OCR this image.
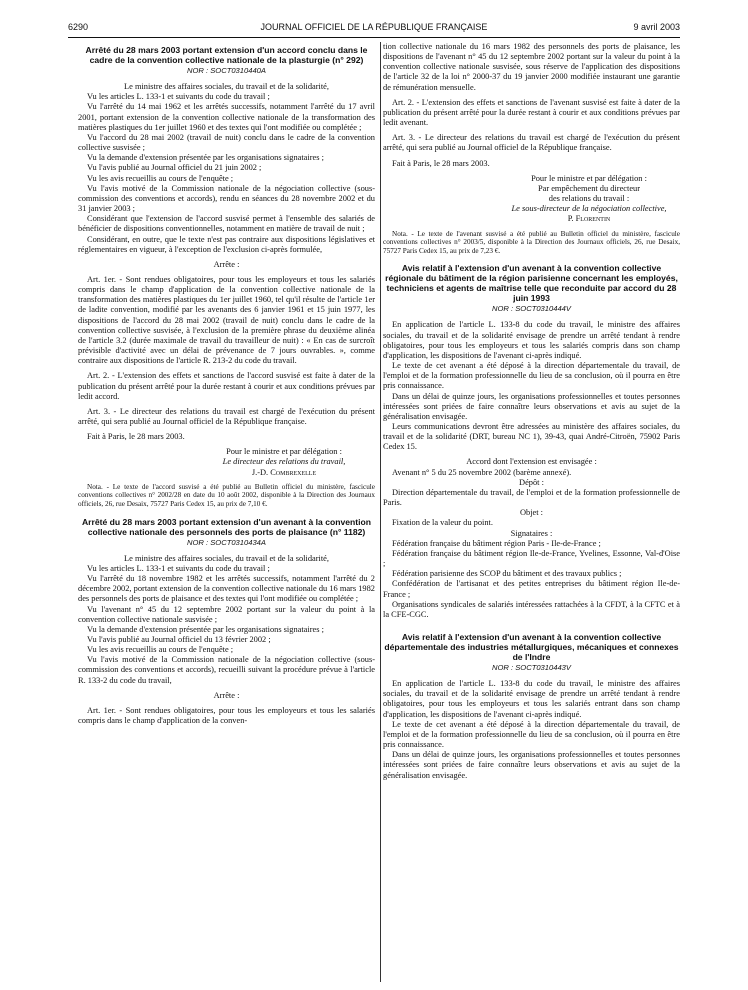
6290	JOURNAL OFFICIEL DE LA RÉPUBLIQUE FRANÇAISE	9 avril 2003
Arrêté du 28 mars 2003 portant extension d'un accord conclu dans le cadre de la convention collective nationale de la plasturgie (n° 292)
NOR : SOCT0310440A

Le ministre des affaires sociales, du travail et de la solidarité,

Vu les articles L. 133-1 et suivants du code du travail ;

Vu l'arrêté du 14 mai 1962 et les arrêtés successifs, notamment l'arrêté du 17 avril 2001, portant extension de la convention collective nationale de la transformation des matières plastiques du 1er juillet 1960 et des textes qui l'ont modifiée ou complétée ;

Vu l'accord du 28 mai 2002 (travail de nuit) conclu dans le cadre de la convention collective susvisée ;

Vu la demande d'extension présentée par les organisations signataires ;

Vu l'avis publié au Journal officiel du 21 juin 2002 ;

Vu les avis recueillis au cours de l'enquête ;

Vu l'avis motivé de la Commission nationale de la négociation collective (sous-commission des conventions et accords), rendu en séances du 28 novembre 2002 et du 31 janvier 2003 ;

Considérant que l'extension de l'accord susvisé permet à l'ensemble des salariés de bénéficier de dispositions conventionnelles, notamment en matière de travail de nuit ;

Considérant, en outre, que le texte n'est pas contraire aux dispositions législatives et réglementaires en vigueur, à l'exception de l'exclusion ci-après formulée,

Arrête :

Art. 1er. - Sont rendues obligatoires, pour tous les employeurs et tous les salariés compris dans le champ d'application de la convention collective nationale de la transformation des matières plastiques du 1er juillet 1960, tel qu'il résulte de l'article 1er de ladite convention, modifié par les avenants des 6 janvier 1961 et 15 juin 1977, les dispositions de l'accord du 28 mai 2002 (travail de nuit) conclu dans le cadre de la convention collective susvisée, à l'exclusion de la première phrase du deuxième alinéa de l'article 3.2 (durée maximale de travail du travailleur de nuit) : « En cas de surcroît prévisible d'activité avec un délai de prévenance de 7 jours ouvrables. », comme contraire aux dispositions de l'article R. 213-2 du code du travail.

Art. 2. - L'extension des effets et sanctions de l'accord susvisé est faite à dater de la publication du présent arrêté pour la durée restant à courir et aux conditions prévues par ledit accord.

Art. 3. - Le directeur des relations du travail est chargé de l'exécution du présent arrêté, qui sera publié au Journal officiel de la République française.

Fait à Paris, le 28 mars 2003.

Pour le ministre et par délégation :

Le directeur des relations du travail,

J.-D. Combrexelle

Nota. - Le texte de l'accord susvisé a été publié au Bulletin officiel du ministère, fascicule conventions collectives n° 2002/28 en date du 10 août 2002, disponible à la Direction des Journaux officiels, 26, rue Desaix, 75727 Paris Cedex 15, au prix de 7,10 €.

Arrêté du 28 mars 2003 portant extension d'un avenant à la convention collective nationale des personnels des ports de plaisance (n° 1182)
NOR : SOCT0310434A

Le ministre des affaires sociales, du travail et de la solidarité,

Vu les articles L. 133-1 et suivants du code du travail ;

Vu l'arrêté du 18 novembre 1982 et les arrêtés successifs, notamment l'arrêté du 2 décembre 2002, portant extension de la convention collective nationale du 16 mars 1982 des personnels des ports de plaisance et des textes qui l'ont modifiée ou complétée ;

Vu l'avenant n° 45 du 12 septembre 2002 portant sur la valeur du point à la convention collective nationale susvisée ;

Vu la demande d'extension présentée par les organisations signataires ;

Vu l'avis publié au Journal officiel du 13 février 2002 ;

Vu les avis recueillis au cours de l'enquête ;

Vu l'avis motivé de la Commission nationale de la négociation collective (sous-commission des conventions et accords), recueilli suivant la procédure prévue à l'article R. 133-2 du code du travail,

Arrête :

Art. 1er. - Sont rendues obligatoires, pour tous les employeurs et tous les salariés compris dans le champ d'application de la conven-

tion collective nationale du 16 mars 1982 des personnels des ports de plaisance, les dispositions de l'avenant n° 45 du 12 septembre 2002 portant sur la valeur du point à la convention collective nationale susvisée, sous réserve de l'application des dispositions de l'article 32 de la loi n° 2000-37 du 19 janvier 2000 modifiée instaurant une garantie de rémunération mensuelle.

Art. 2. - L'extension des effets et sanctions de l'avenant susvisé est faite à dater de la publication du présent arrêté pour la durée restant à courir et aux conditions prévues par ledit avenant.

Art. 3. - Le directeur des relations du travail est chargé de l'exécution du présent arrêté, qui sera publié au Journal officiel de la République française.

Fait à Paris, le 28 mars 2003.

Pour le ministre et par délégation :

Par empêchement du directeur

des relations du travail :

Le sous-directeur de la négociation collective,

P. Florentin

Nota. - Le texte de l'avenant susvisé a été publié au Bulletin officiel du ministère, fascicule conventions collectives n° 2003/5, disponible à la Direction des Journaux officiels, 26, rue Desaix, 75727 Paris Cedex 15, au prix de 7,23 €.

Avis relatif à l'extension d'un avenant à la convention collective régionale du bâtiment de la région parisienne concernant les employés, techniciens et agents de maîtrise telle que reconduite par accord du 28 juin 1993
NOR : SOCT0310444V

En application de l'article L. 133-8 du code du travail, le ministre des affaires sociales, du travail et de la solidarité envisage de prendre un arrêté tendant à rendre obligatoires, pour tous les employeurs et tous les salariés compris dans son champ d'application, les dispositions de l'avenant ci-après indiqué.

Le texte de cet avenant a été déposé à la direction départementale du travail, de l'emploi et de la formation professionnelle du lieu de sa conclusion, où il pourra en être pris connaissance.

Dans un délai de quinze jours, les organisations professionnelles et toutes personnes intéressées sont priées de faire connaître leurs observations et avis au sujet de la généralisation envisagée.

Leurs communications devront être adressées au ministère des affaires sociales, du travail et de la solidarité (DRT, bureau NC 1), 39-43, quai André-Citroën, 75902 Paris Cedex 15.

Accord dont l'extension est envisagée :

Avenant n° 5 du 25 novembre 2002 (barème annexé).

Dépôt :

Direction départementale du travail, de l'emploi et de la formation professionnelle de Paris.

Objet :

Fixation de la valeur du point.

Signataires :

Fédération française du bâtiment région Paris - Ile-de-France ;

Fédération française du bâtiment région Ile-de-France, Yvelines, Essonne, Val-d'Oise ;

Fédération parisienne des SCOP du bâtiment et des travaux publics ;

Confédération de l'artisanat et des petites entreprises du bâtiment région Ile-de-France ;

Organisations syndicales de salariés intéressées rattachées à la CFDT, à la CFTC et à la CFE-CGC.

Avis relatif à l'extension d'un avenant à la convention collective départementale des industries métallurgiques, mécaniques et connexes de l'Indre
NOR : SOCT0310443V

En application de l'article L. 133-8 du code du travail, le ministre des affaires sociales, du travail et de la solidarité envisage de prendre un arrêté tendant à rendre obligatoires, pour tous les employeurs et tous les salariés entrant dans son champ d'application, les dispositions de l'avenant ci-après indiqué.

Le texte de cet avenant a été déposé à la direction départementale du travail, de l'emploi et de la formation professionnelle du lieu de sa conclusion, où il pourra en être pris connaissance.

Dans un délai de quinze jours, les organisations professionnelles et toutes personnes intéressées sont priées de faire connaître leurs observations et avis au sujet de la généralisation envisagée.
